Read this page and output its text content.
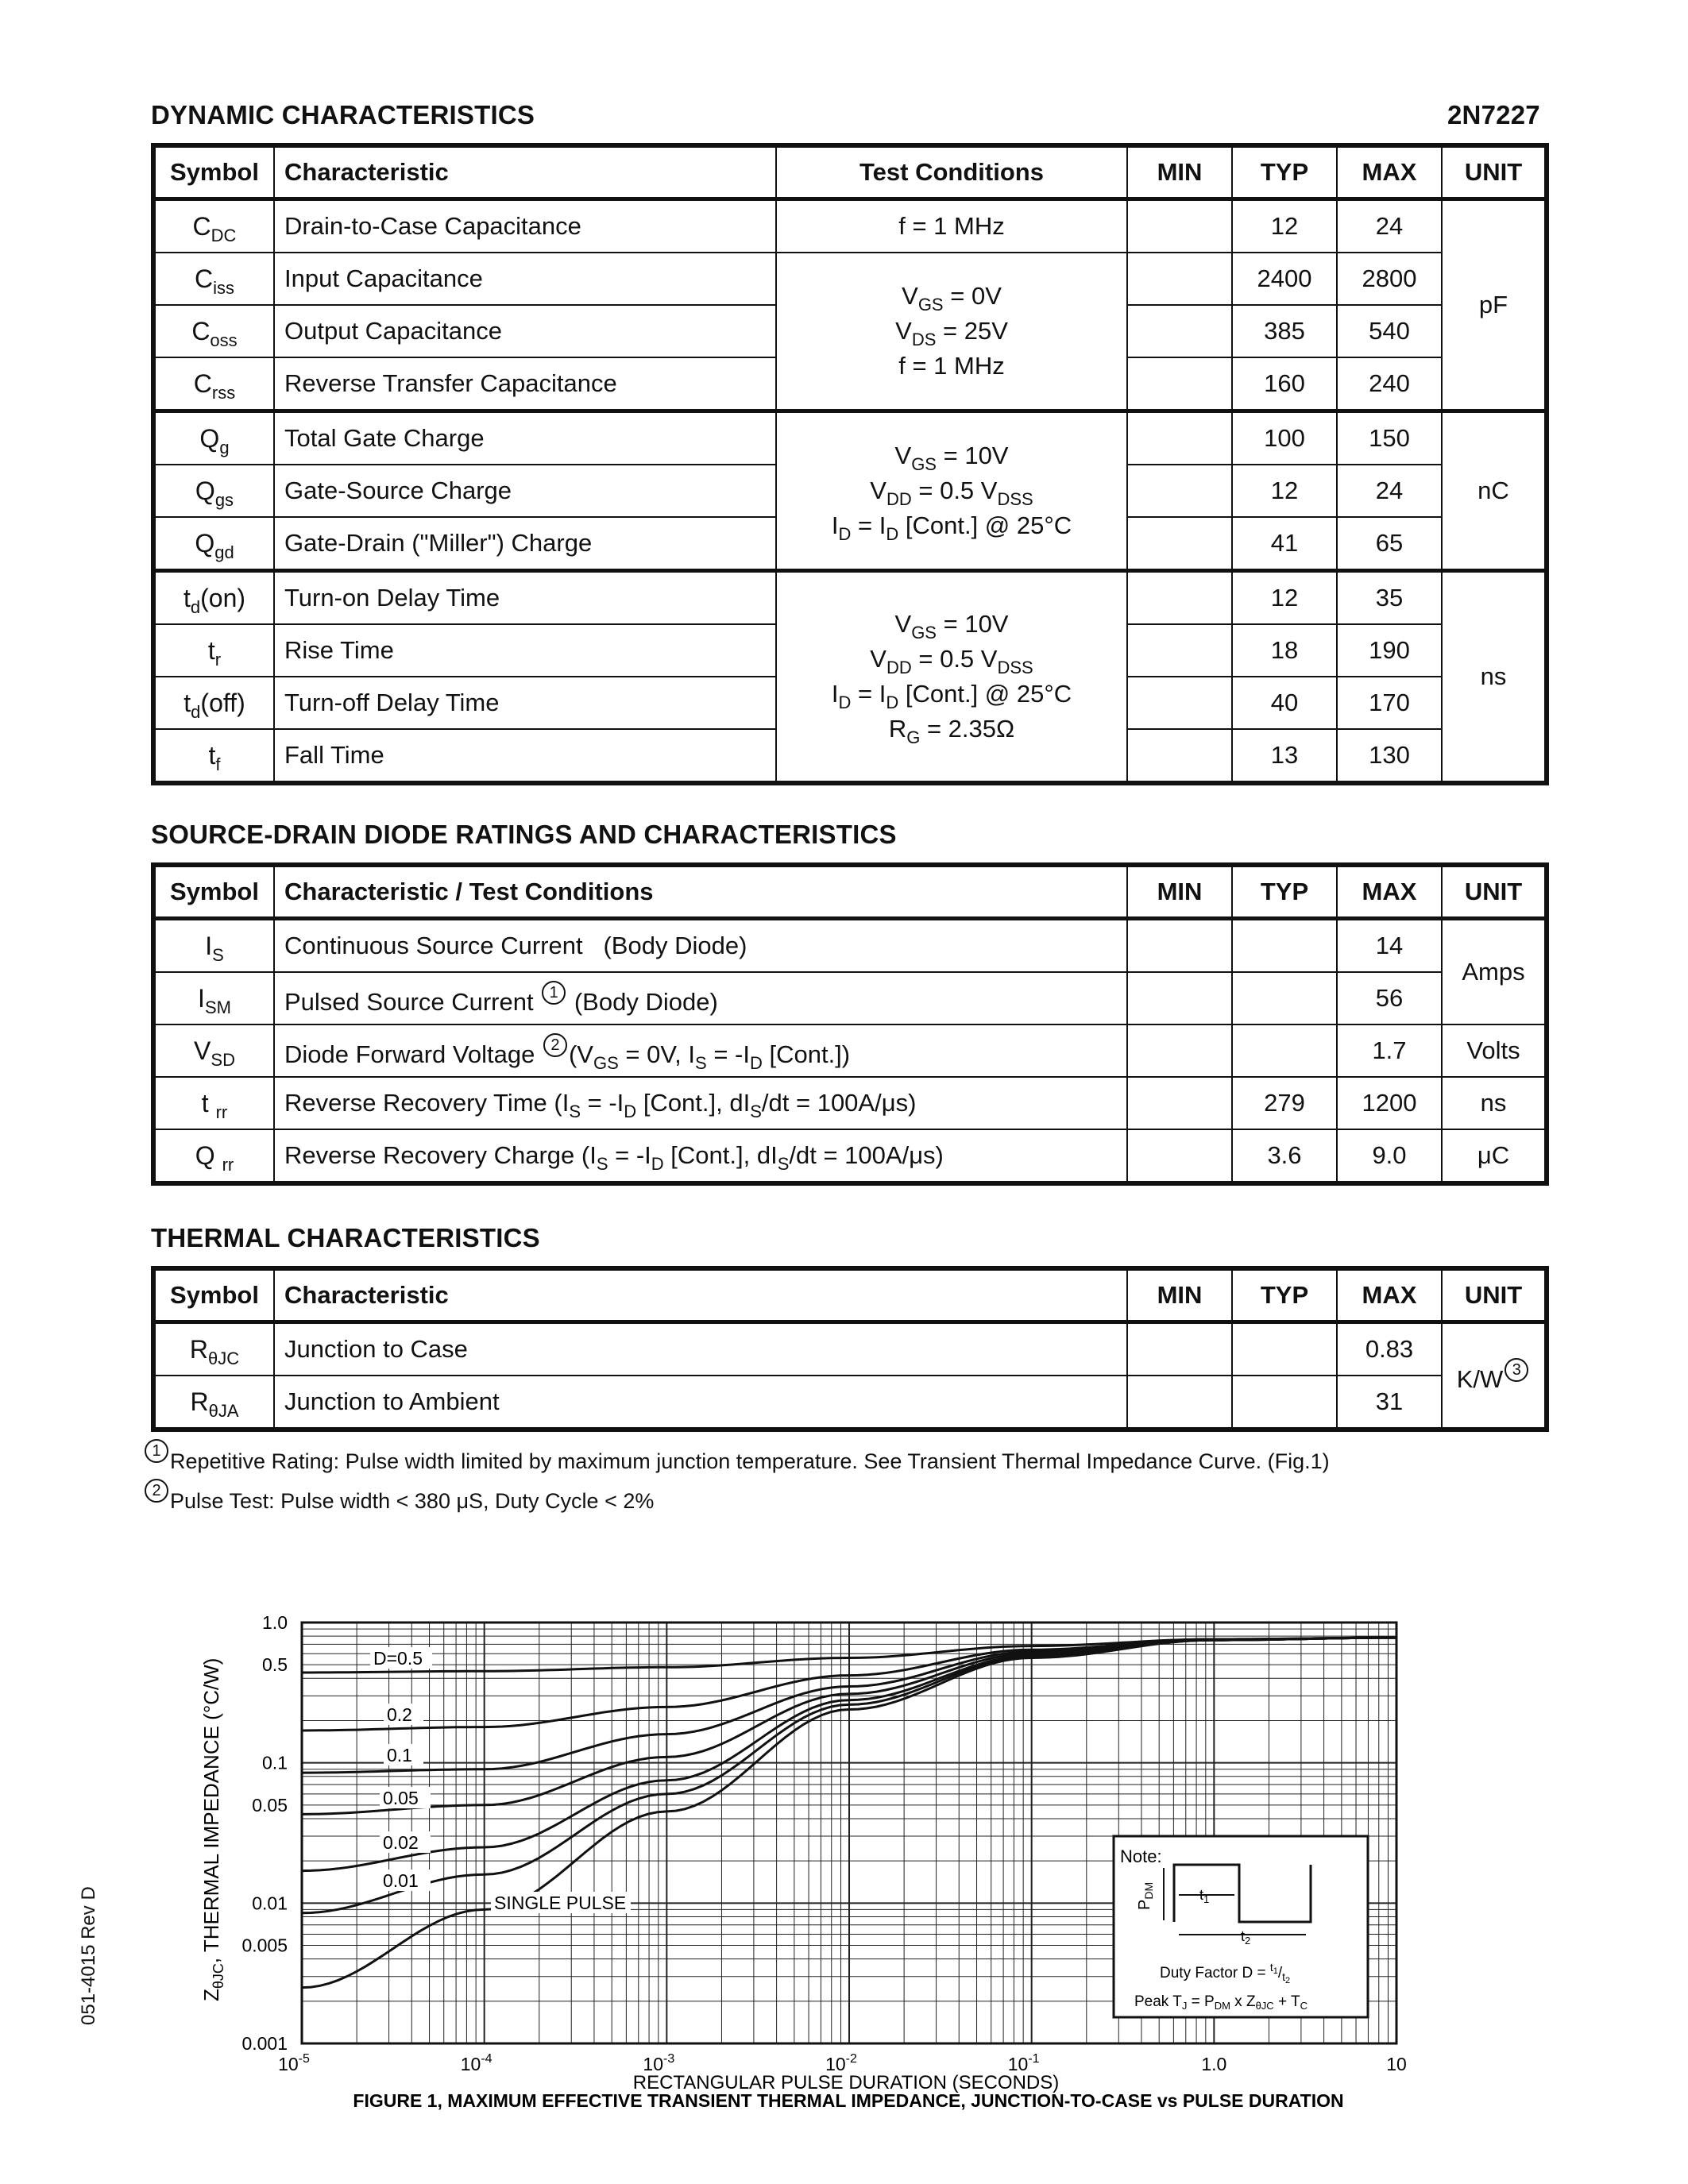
DYNAMIC CHARACTERISTICS	2N7227
Symbol	Characteristic	Test Conditions	MIN	TYP	MAX	UNIT
$C_{DC}$	Drain-to-Case Capacitance	f = 1 MHz		12	24	pF
$C_{iss}$	Input Capacitance	$V_{GS} = 0V$
$V_{DS} = 25V$
f = 1 MHz		2400	2800	
$C_{oss}$	Output Capacitance			385	540	
$C_{rss}$	Reverse Transfer Capacitance			160	240	
$Q_g$	Total Gate Charge	$V_{GS} = 10V$
$V_{DD} = 0.5$ $V_{DSS}$
$I_D = I_D$ [Cont.] @ 25°C		100	150	nC
$Q_{gs}$	Gate-Source Charge			12	24	
$Q_{gd}$	Gate-Drain ("Miller") Charge			41	65	
$t_d(on)$	Turn-on Delay Time	$V_{GS} = 10V$
$V_{DD} = 0.5$ $V_{DSS}$
$I_D = I_D$ [Cont.] @ 25°C
$R_G = 2.35\Omega$		12	35	ns
$t_r$	Rise Time			18	190	
$t_d(off)$	Turn-off Delay Time			40	170	
$t_f$	Fall Time			13	130	
SOURCE-DRAIN DIODE RATINGS AND CHARACTERISTICS
Symbol	Characteristic / Test Conditions	MIN	TYP	MAX	UNIT
$I_S$	Continuous Source Current   (Body Diode)			14	Amps
$I_{SM}$	Pulsed Source Current 1 (Body Diode)			56	
$V_{SD}$	Diode Forward Voltage 2 ($V_{GS} = 0V$, $I_S = -I_D$ [Cont.])			1.7	Volts
t $_{rr}$	Reverse Recovery Time ($I_S = -I_D$ [Cont.], $dI_S/dt = 100A/\mu s$)		279	1200	ns
Q $_{rr}$	Reverse Recovery Charge ($I_S = -I_D$ [Cont.], $dI_S/dt = 100A/\mu s$)		3.6	9.0	μC
THERMAL CHARACTERISTICS
Symbol	Characteristic	MIN	TYP	MAX	UNIT
$R_{\theta JC}$	Junction to Case			0.83	K/W 3
$R_{\theta JA}$	Junction to Ambient			31	
1 Repetitive Rating: Pulse width limited by maximum junction temperature. See Transient Thermal Impedance Curve. (Fig.1)
2 Pulse Test: Pulse width < 380 μS, Duty Cycle < 2%
051-4015 Rev D
1.0
0.5
0.1
0.05
0.01
0.005
0.001
$10^{-5}$	$10^{-4}$	$10^{-3}$	$10^{-2}$	$10^{-1}$	1.0	10
D=0.5
0.2
0.1
0.05
0.02
0.01
SINGLE PULSE
Note:
$P_{DM}$	$t_1$
$t_2$
Duty Factor $D = ^t1/_t2$
Peak $T_J = P_{DM}$ x $Z_{\theta JC} + T_C$
$Z_{\theta JC}$, THERMAL IMPEDANCE (°C/W)
RECTANGULAR PULSE DURATION (SECONDS)
FIGURE 1, MAXIMUM EFFECTIVE TRANSIENT THERMAL IMPEDANCE, JUNCTION-TO-CASE vs PULSE DURATION
